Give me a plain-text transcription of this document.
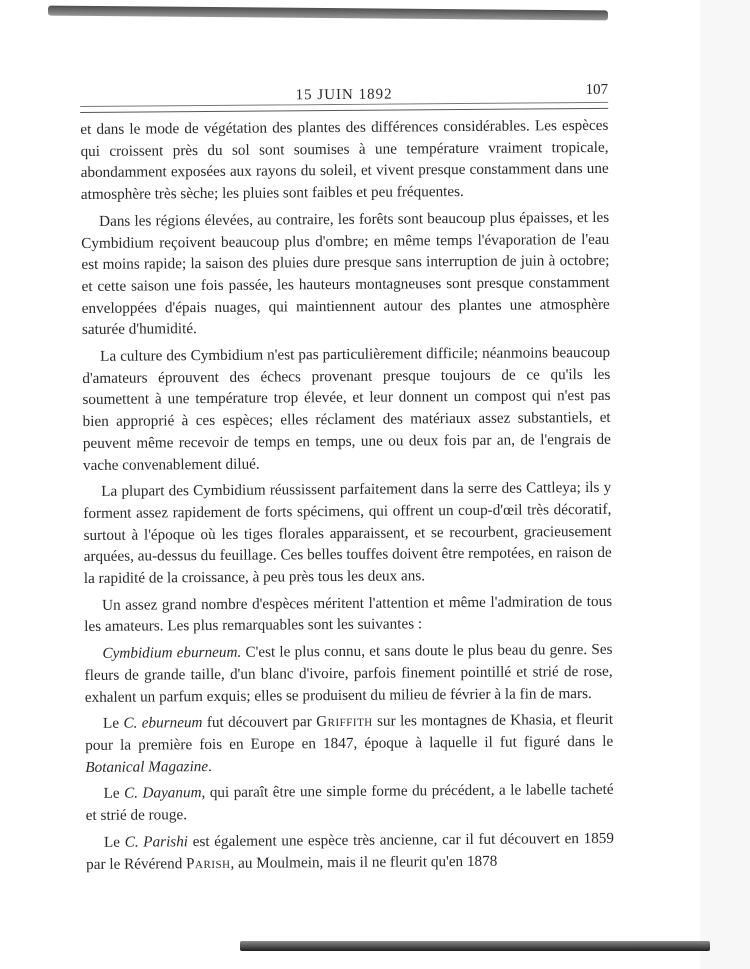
15 JUIN 1892	107

et dans le mode de végétation des plantes des différences considérables. Les espèces qui croissent près du sol sont soumises à une température vraiment tropicale, abondamment exposées aux rayons du soleil, et vivent presque constamment dans une atmosphère très sèche; les pluies sont faibles et peu fréquentes.

Dans les régions élevées, au contraire, les forêts sont beaucoup plus épaisses, et les Cymbidium reçoivent beaucoup plus d'ombre; en même temps l'évaporation de l'eau est moins rapide; la saison des pluies dure presque sans interruption de juin à octobre; et cette saison une fois passée, les hauteurs montagneuses sont presque constamment enveloppées d'épais nuages, qui maintiennent autour des plantes une atmosphère saturée d'humidité.

La culture des Cymbidium n'est pas particulièrement difficile; néanmoins beaucoup d'amateurs éprouvent des échecs provenant presque toujours de ce qu'ils les soumettent à une température trop élevée, et leur donnent un compost qui n'est pas bien approprié à ces espèces; elles réclament des matériaux assez substantiels, et peuvent même recevoir de temps en temps, une ou deux fois par an, de l'engrais de vache convenablement dilué.

La plupart des Cymbidium réussissent parfaitement dans la serre des Cattleya; ils y forment assez rapidement de forts spécimens, qui offrent un coup-d'œil très décoratif, surtout à l'époque où les tiges florales apparaissent, et se recourbent, gracieusement arquées, au-dessus du feuillage. Ces belles touffes doivent être rempotées, en raison de la rapidité de la croissance, à peu près tous les deux ans.

Un assez grand nombre d'espèces méritent l'attention et même l'admiration de tous les amateurs. Les plus remarquables sont les suivantes :

Cymbidium eburneum. C'est le plus connu, et sans doute le plus beau du genre. Ses fleurs de grande taille, d'un blanc d'ivoire, parfois finement pointillé et strié de rose, exhalent un parfum exquis; elles se produisent du milieu de février à la fin de mars.

Le C. eburneum fut découvert par Griffith sur les montagnes de Khasia, et fleurit pour la première fois en Europe en 1847, époque à laquelle il fut figuré dans le Botanical Magazine.

Le C. Dayanum, qui paraît être une simple forme du précédent, a le labelle tacheté et strié de rouge.

Le C. Parishi est également une espèce très ancienne, car il fut découvert en 1859 par le Révérend Parish, au Moulmein, mais il ne fleurit qu'en 1878
